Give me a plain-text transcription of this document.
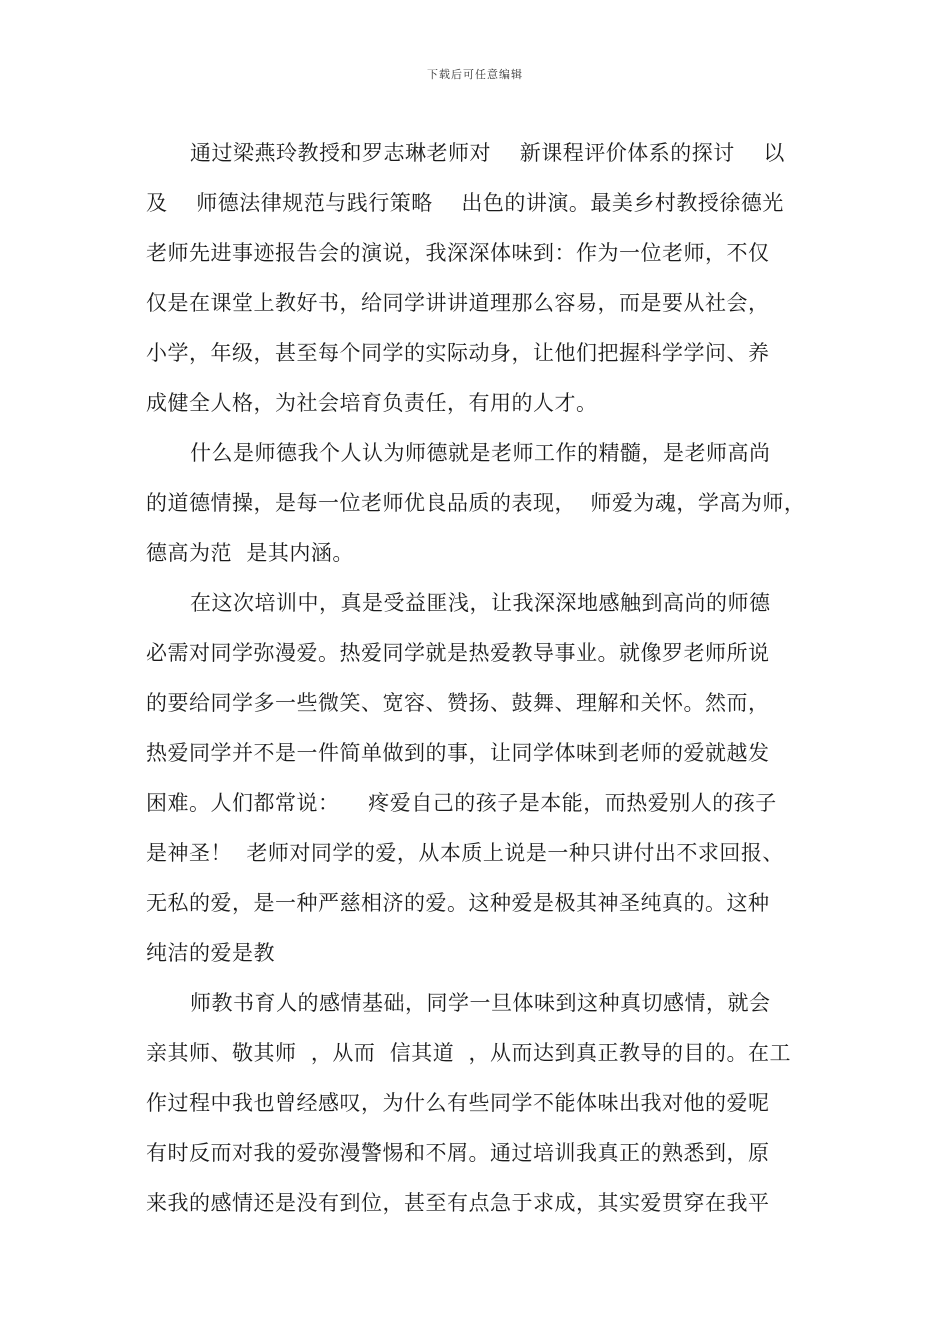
下载后可任意编辑
通过梁燕玲教授和罗志琳老师对    新课程评价体系的探讨    以
及    师德法律规范与践行策略    出色的讲演。最美乡村教授徐德光
老师先进事迹报告会的演说，我深深体味到：作为一位老师，不仅
仅是在课堂上教好书，给同学讲讲道理那么容易，而是要从社会，
小学，年级，甚至每个同学的实际动身，让他们把握科学学问、养
成健全人格，为社会培育负责任，有用的人才。
什么是师德我个人认为师德就是老师工作的精髓，是老师高尚
的道德情操，是每一位老师优良品质的表现，  师爱为魂，学高为师，
德高为范  是其内涵。
在这次培训中，真是受益匪浅，让我深深地感触到高尚的师德
必需对同学弥漫爱。热爱同学就是热爱教导事业。就像罗老师所说
的要给同学多一些微笑、宽容、赞扬、鼓舞、理解和关怀。然而，
热爱同学并不是一件简单做到的事，让同学体味到老师的爱就越发
困难。人们都常说：    疼爱自己的孩子是本能，而热爱别人的孩子
是神圣！  老师对同学的爱，从本质上说是一种只讲付出不求回报、
无私的爱，是一种严慈相济的爱。这种爱是极其神圣纯真的。这种
纯洁的爱是教
师教书育人的感情基础，同学一旦体味到这种真切感情，就会
亲其师、敬其师  ，从而  信其道  ，从而达到真正教导的目的。在工
作过程中我也曾经感叹，为什么有些同学不能体味出我对他的爱呢
有时反而对我的爱弥漫警惕和不屑。通过培训我真正的熟悉到，原
来我的感情还是没有到位，甚至有点急于求成，其实爱贯穿在我平
